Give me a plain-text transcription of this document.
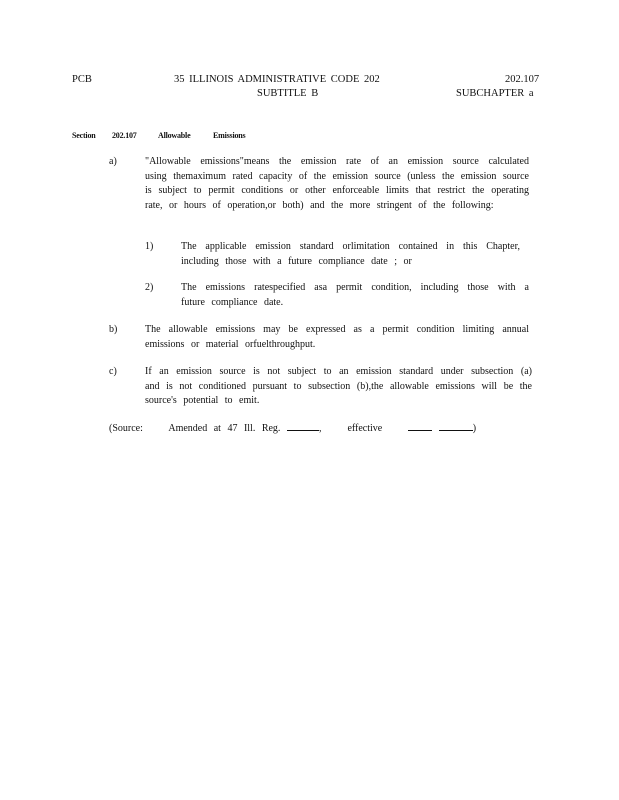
PCB	35 ILLINOIS ADMINISTRATIVE CODE 202
SUBTITLE B
202.107
SUBCHAPTER a
Section 202.107	Allowable	Emissions
a)	"Allowable emissions"means the emission rate of an emission source calculated using themaximum rated capacity of the emission source (unless the emission source is subject to permit conditions or other enforceable limits that restrict the operating rate, or hours of operation,or both) and the more stringent of the following:
1)	The applicable emission standard orlimitation contained in this Chapter, including those with a future compliance date ; or
2)	The emissions ratespecified asa permit condition, including those with a future compliance date.
b)	The allowable emissions may be expressed as a permit condition limiting annual emissions or material orfuelthroughput.
c)	If an emission source is not subject to an emission standard under subsection (a) and is not conditioned pursuant to subsection (b),the allowable emissions will be the source's potential to emit.
(Source:	Amended at 47 Ill. Reg.	,	effective	)
